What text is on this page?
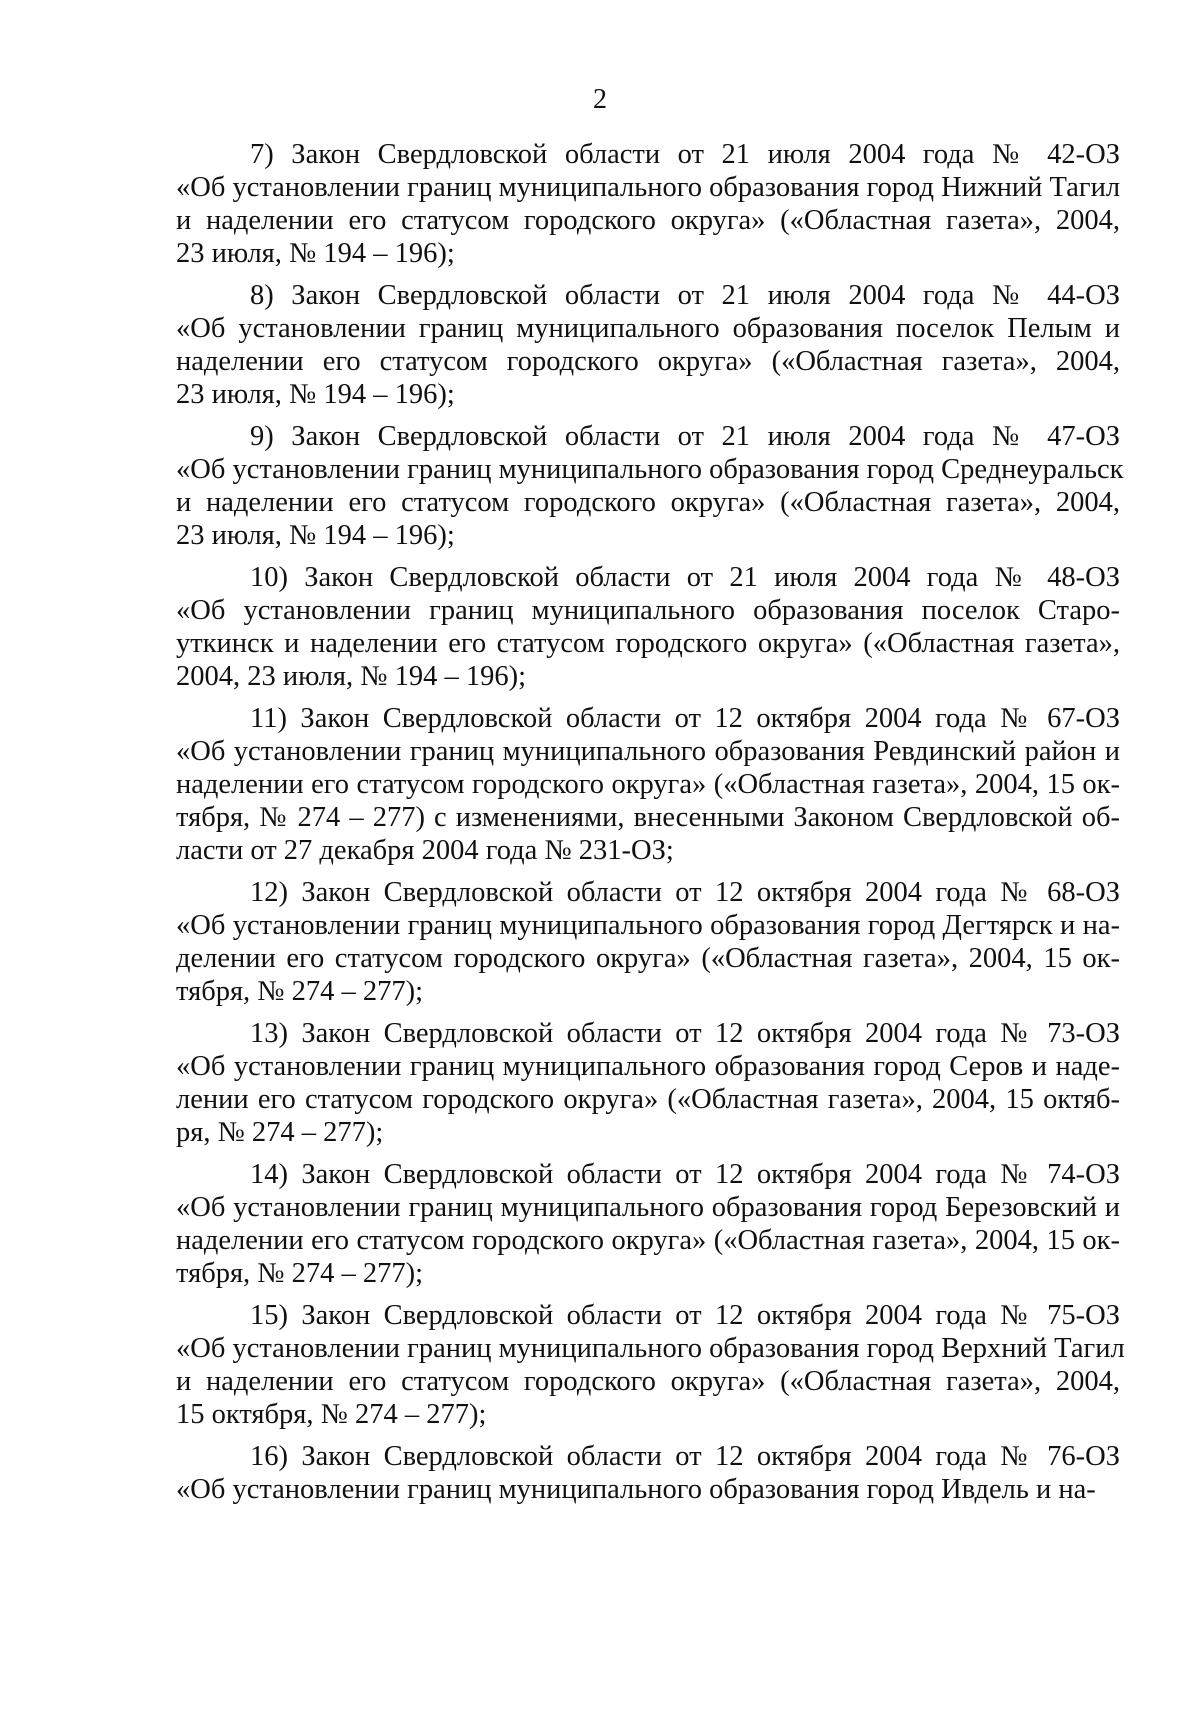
2
7) Закон Свердловской области от 21 июля 2004 года № 42-ОЗ
«Об установлении границ муниципального образования город Нижний Тагил
и наделении его статусом городского округа» («Областная газета», 2004,
23 июля, № 194 – 196);
8) Закон Свердловской области от 21 июля 2004 года № 44-ОЗ
«Об установлении границ муниципального образования поселок Пелым и
наделении его статусом городского округа» («Областная газета», 2004,
23 июля, № 194 – 196);
9) Закон Свердловской области от 21 июля 2004 года № 47-ОЗ
«Об установлении границ муниципального образования город Среднеуральск
и наделении его статусом городского округа» («Областная газета», 2004,
23 июля, № 194 – 196);
10) Закон Свердловской области от 21 июля 2004 года № 48-ОЗ
«Об установлении границ муниципального образования поселок Старо-
уткинск и наделении его статусом городского округа» («Областная газета»,
2004, 23 июля, № 194 – 196);
11) Закон Свердловской области от 12 октября 2004 года № 67-ОЗ
«Об установлении границ муниципального образования Ревдинский район и
наделении его статусом городского округа» («Областная газета», 2004, 15 ок-
тября, № 274 – 277) с изменениями, внесенными Законом Свердловской об-
ласти от 27 декабря 2004 года № 231-ОЗ;
12) Закон Свердловской области от 12 октября 2004 года № 68-ОЗ
«Об установлении границ муниципального образования город Дегтярск и на-
делении его статусом городского округа» («Областная газета», 2004, 15 ок-
тября, № 274 – 277);
13) Закон Свердловской области от 12 октября 2004 года № 73-ОЗ
«Об установлении границ муниципального образования город Серов и наде-
лении его статусом городского округа» («Областная газета», 2004, 15 октяб-
ря, № 274 – 277);
14) Закон Свердловской области от 12 октября 2004 года № 74-ОЗ
«Об установлении границ муниципального образования город Березовский и
наделении его статусом городского округа» («Областная газета», 2004, 15 ок-
тября, № 274 – 277);
15) Закон Свердловской области от 12 октября 2004 года № 75-ОЗ
«Об установлении границ муниципального образования город Верхний Тагил
и наделении его статусом городского округа» («Областная газета», 2004,
15 октября, № 274 – 277);
16) Закон Свердловской области от 12 октября 2004 года № 76-ОЗ
«Об установлении границ муниципального образования город Ивдель и на-
